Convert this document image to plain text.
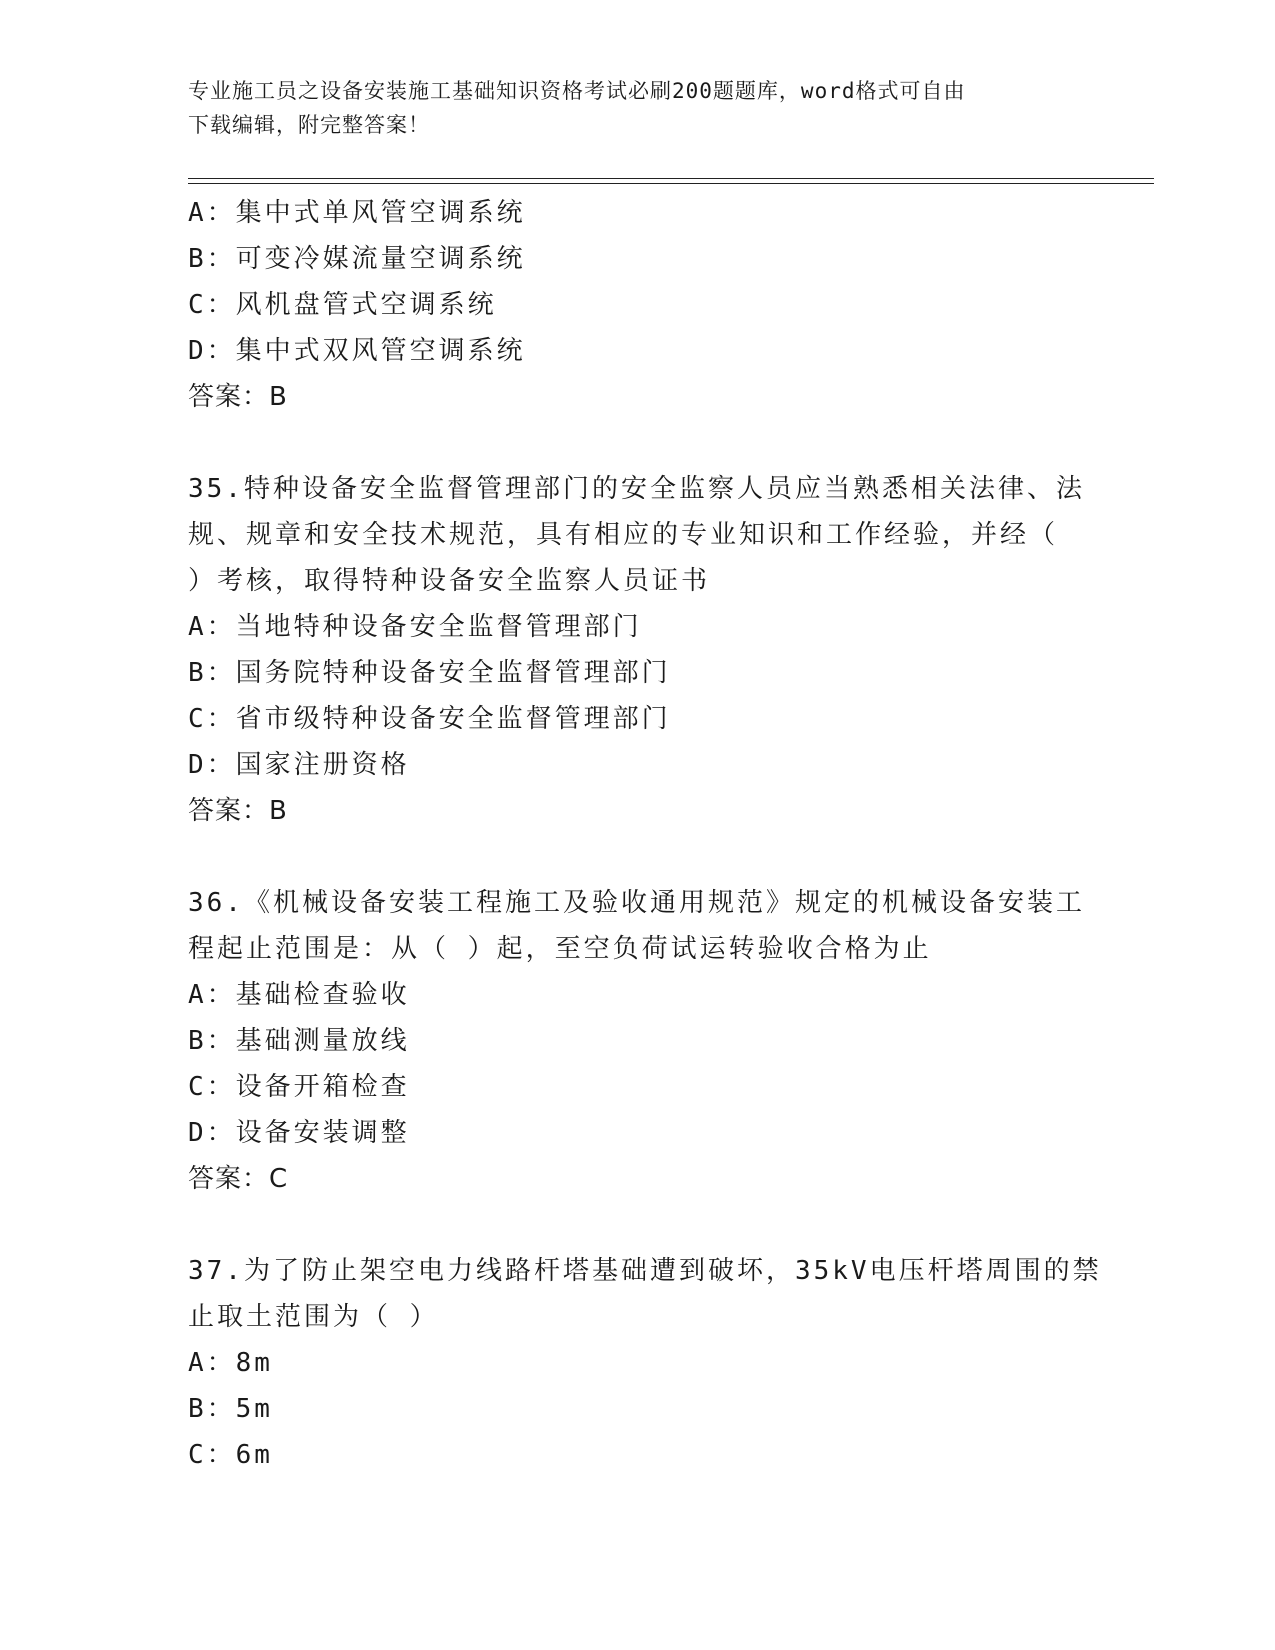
专业施工员之设备安装施工基础知识资格考试必刷200题题库，word格式可自由
下载编辑，附完整答案！
A：集中式单风管空调系统
B：可变冷媒流量空调系统
C：风机盘管式空调系统
D：集中式双风管空调系统
答案：B
35.特种设备安全监督管理部门的安全监察人员应当熟悉相关法律、法
规、规章和安全技术规范，具有相应的专业知识和工作经验，并经（
）考核，取得特种设备安全监察人员证书
A：当地特种设备安全监督管理部门
B：国务院特种设备安全监督管理部门
C：省市级特种设备安全监督管理部门
D：国家注册资格
答案：B
36.《机械设备安装工程施工及验收通用规范》规定的机械设备安装工
程起止范围是：从（ ）起，至空负荷试运转验收合格为止
A：基础检查验收
B：基础测量放线
C：设备开箱检查
D：设备安装调整
答案：C
37.为了防止架空电力线路杆塔基础遭到破坏，35kV电压杆塔周围的禁
止取土范围为（ ）
A：8m
B：5m
C：6m
